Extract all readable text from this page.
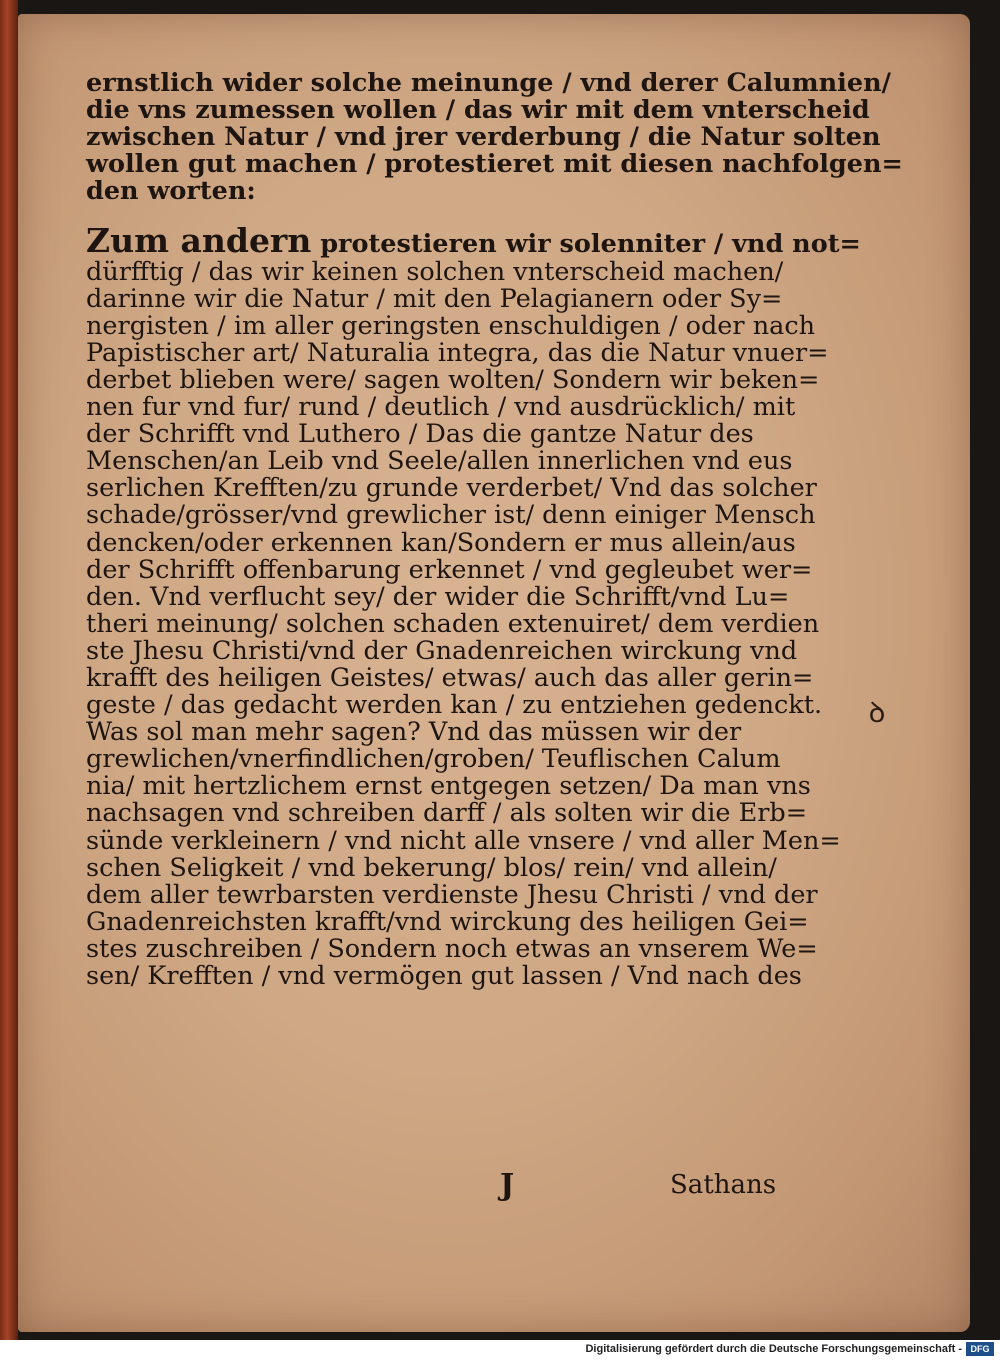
ernstlich wider solche meinunge / vnd derer Calumnien/
die vns zumessen wollen / das wir mit dem vnterscheid
zwischen Natur / vnd jrer verderbung / die Natur solten
wollen gut machen / protestieret mit diesen nachfolgen=
den worten:
Zum andern protestieren wir solenniter / vnd not=
dürfftig / das wir keinen solchen vnterscheid machen/
darinne wir die Natur / mit den Pelagianern oder Sy=
nergisten / im aller geringsten enschuldigen / oder nach
Papistischer art/ Naturalia integra, das die Natur vnuer=
derbet blieben were/ sagen wolten/ Sondern wir beken=
nen fur vnd fur/ rund / deutlich / vnd ausdrücklich/ mit
der Schrifft vnd Luthero / Das die gantze Natur des
Menschen/an Leib vnd Seele/allen innerlichen vnd eus
serlichen Krefften/zu grunde verderbet/ Vnd das solcher
schade/grösser/vnd grewlicher ist/ denn einiger Mensch
dencken/oder erkennen kan/Sondern er mus allein/aus
der Schrifft offenbarung erkennet / vnd gegleubet wer=
den. Vnd verflucht sey/ der wider die Schrifft/vnd Lu=
theri meinung/ solchen schaden extenuiret/ dem verdien
ste Jhesu Christi/vnd der Gnadenreichen wirckung vnd
krafft des heiligen Geistes/ etwas/ auch das aller gerin=
geste / das gedacht werden kan / zu entziehen gedenckt.
Was sol man mehr sagen? Vnd das müssen wir der
grewlichen/vnerfindlichen/groben/ Teuflischen Calum
nia/ mit hertzlichem ernst entgegen setzen/ Da man vns
nachsagen vnd schreiben darff / als solten wir die Erb=
sünde verkleinern / vnd nicht alle vnsere / vnd aller Men=
schen Seligkeit / vnd bekerung/ blos/ rein/ vnd allein/
dem aller tewrbarsten verdienste Jhesu Christi / vnd der
Gnadenreichsten krafft/vnd wirckung des heiligen Gei=
stes zuschreiben / Sondern noch etwas an vnserem We=
sen/ Krefften / vnd vermögen gut lassen / Vnd nach des
ꝺ
J	Sathans
Digitalisierung gefördert durch die Deutsche Forschungsgemeinschaft - DFG
